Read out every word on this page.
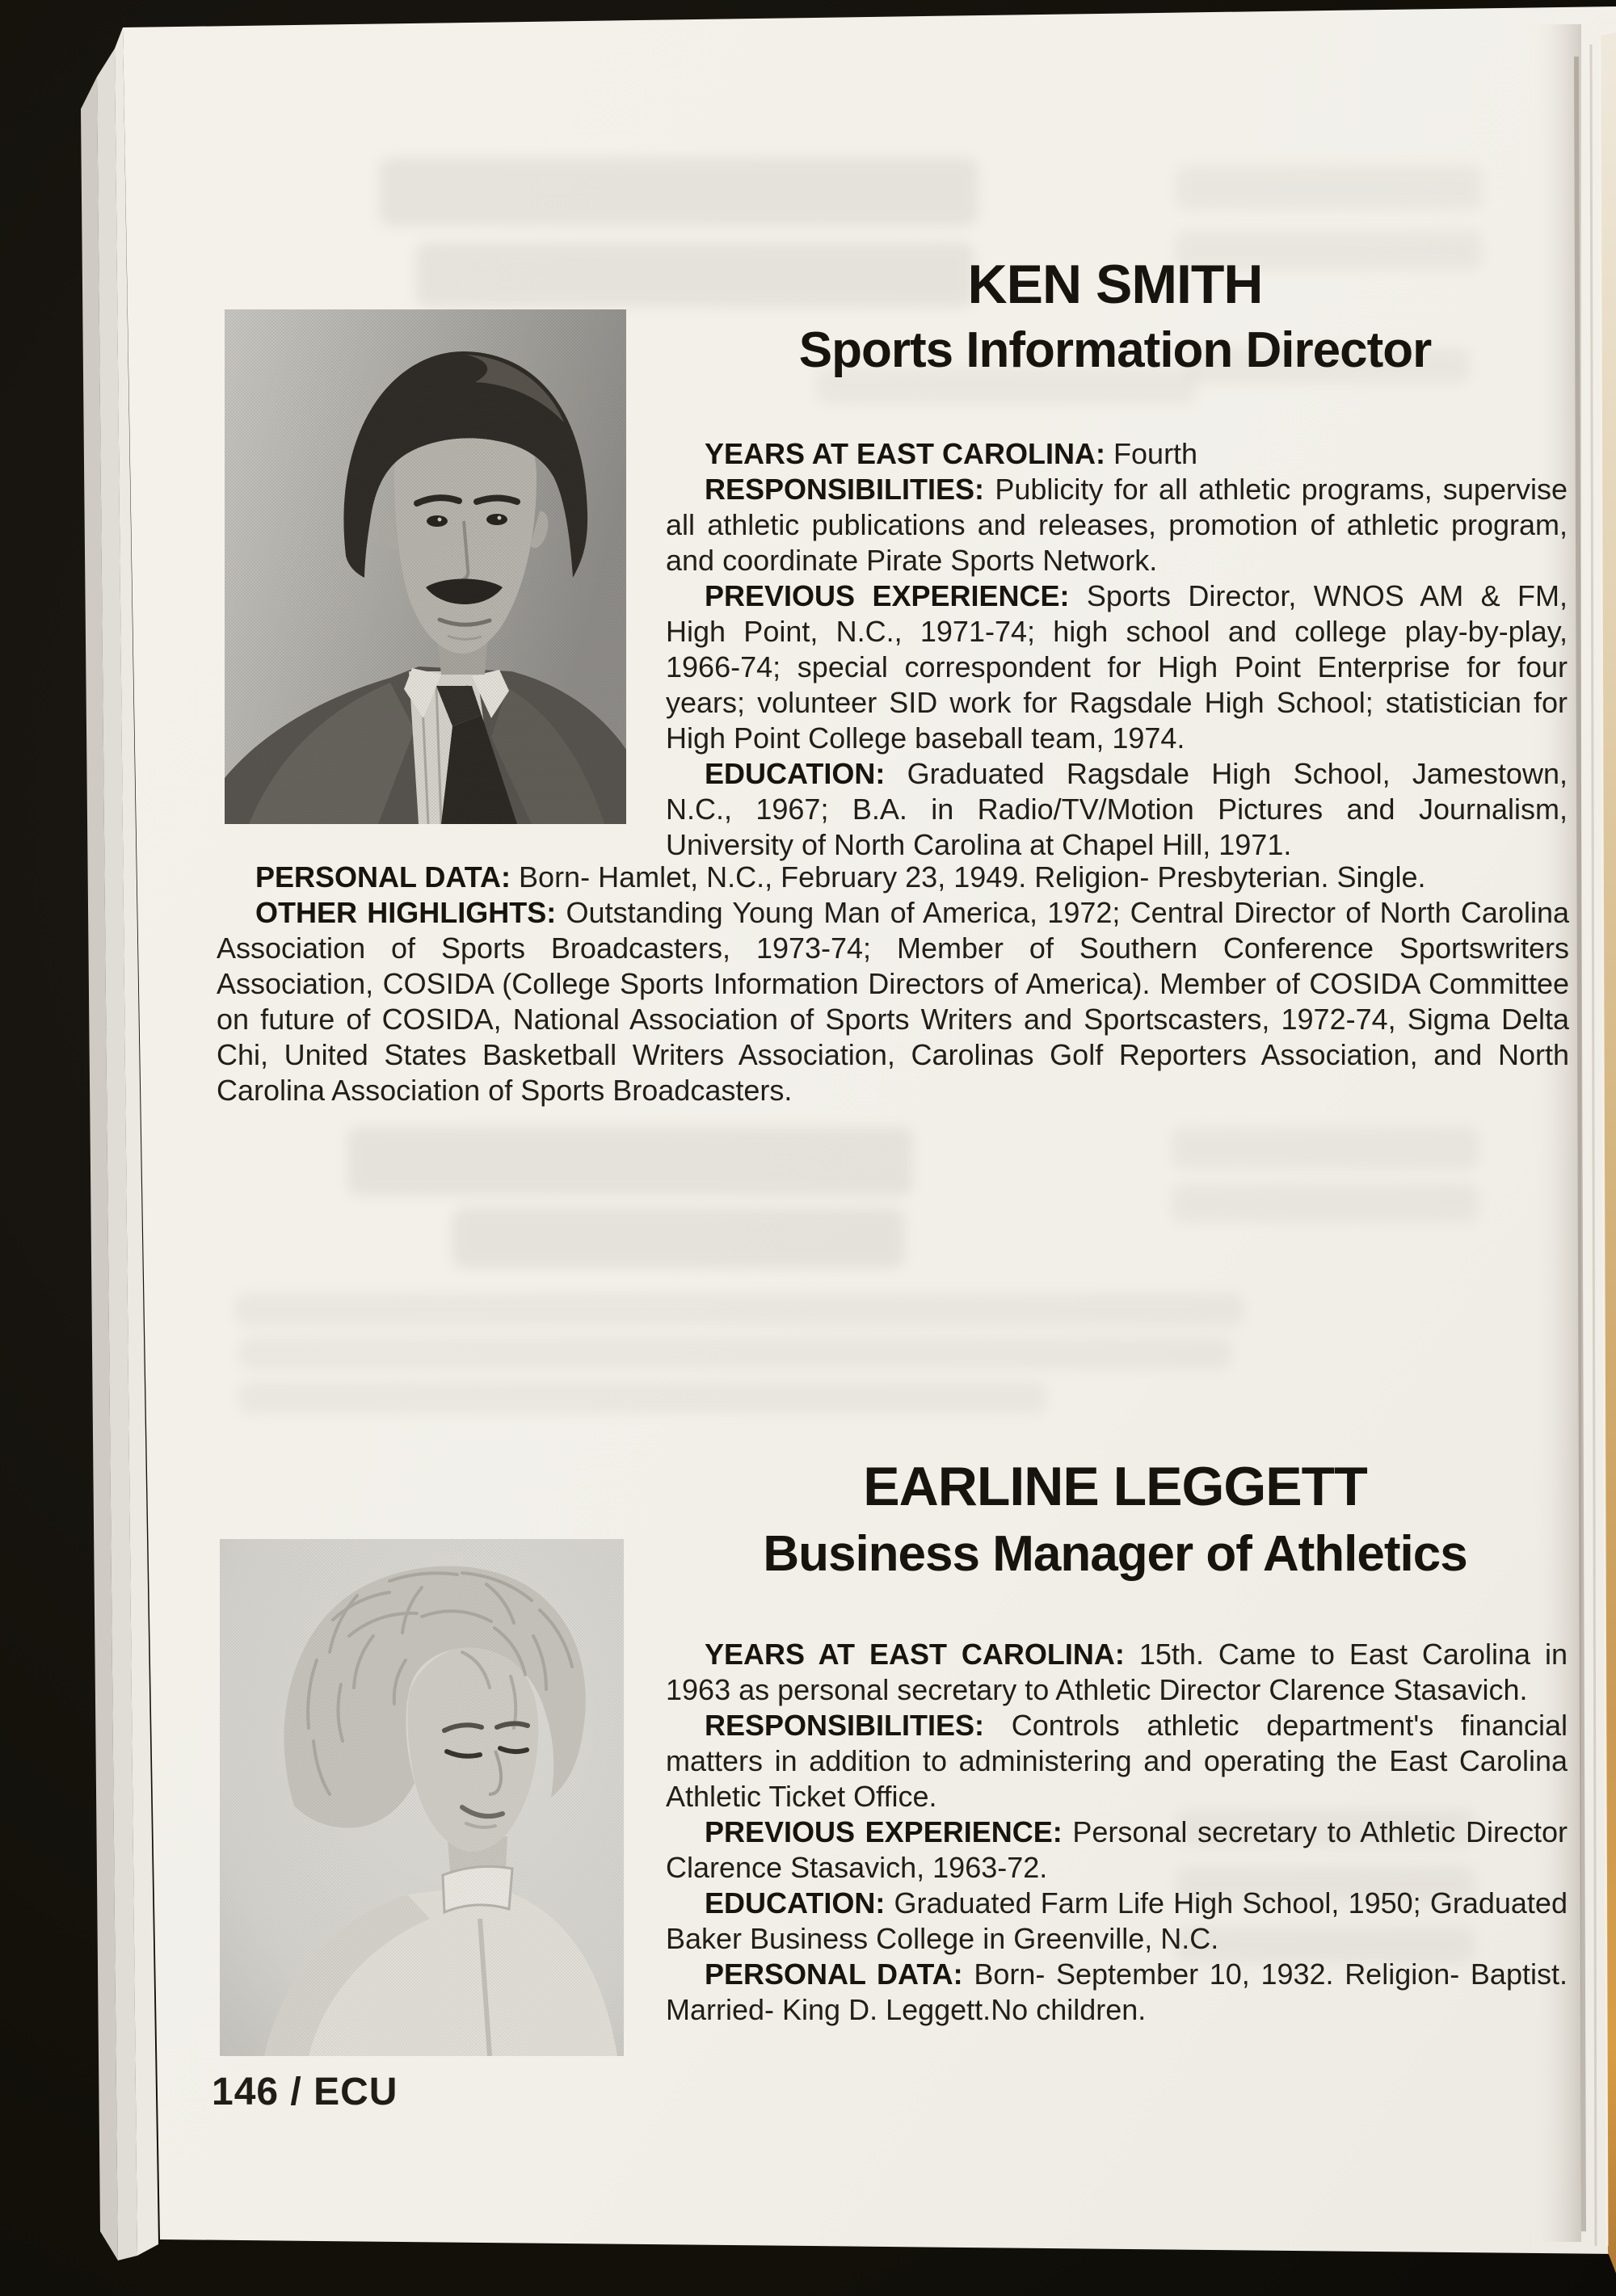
KEN SMITH
Sports Information Director

YEARS AT EAST CAROLINA: Fourth

RESPONSIBILITIES: Publicity for all athletic programs, supervise all athletic publications and releases, promotion of athletic program, and coordinate Pirate Sports Network.

PREVIOUS EXPERIENCE: Sports Director, WNOS AM & FM, High Point, N.C., 1971-74; high school and college play-by-play, 1966-74; special correspondent for High Point Enterprise for four years; volunteer SID work for Ragsdale High School; statistician for High Point College baseball team, 1974.

EDUCATION: Graduated Ragsdale High School, Jamestown, N.C., 1967; B.A. in Radio/TV/Motion Pictures and Journalism, University of North Carolina at Chapel Hill, 1971.

PERSONAL DATA: Born- Hamlet, N.C., February 23, 1949. Religion- Presbyterian. Single.

OTHER HIGHLIGHTS: Outstanding Young Man of America, 1972; Central Director of North Carolina Association of Sports Broadcasters, 1973-74; Member of Southern Conference Sportswriters Association, COSIDA (College Sports Information Directors of America). Member of COSIDA Committee on future of COSIDA, National Association of Sports Writers and Sportscasters, 1972-74, Sigma Delta Chi, United States Basketball Writers Association, Carolinas Golf Reporters Association, and North Carolina Association of Sports Broadcasters.

EARLINE LEGGETT
Business Manager of Athletics

YEARS AT EAST CAROLINA: 15th. Came to East Carolina in 1963 as personal secretary to Athletic Director Clarence Stasavich.

RESPONSIBILITIES: Controls athletic department's financial matters in addition to administering and operating the East Carolina Athletic Ticket Office.

PREVIOUS EXPERIENCE: Personal secretary to Athletic Director Clarence Stasavich, 1963-72.

EDUCATION: Graduated Farm Life High School, 1950; Graduated Baker Business College in Greenville, N.C.

PERSONAL DATA: Born- September 10, 1932. Religion- Baptist. Married- King D. Leggett.No children.

146 / ECU
